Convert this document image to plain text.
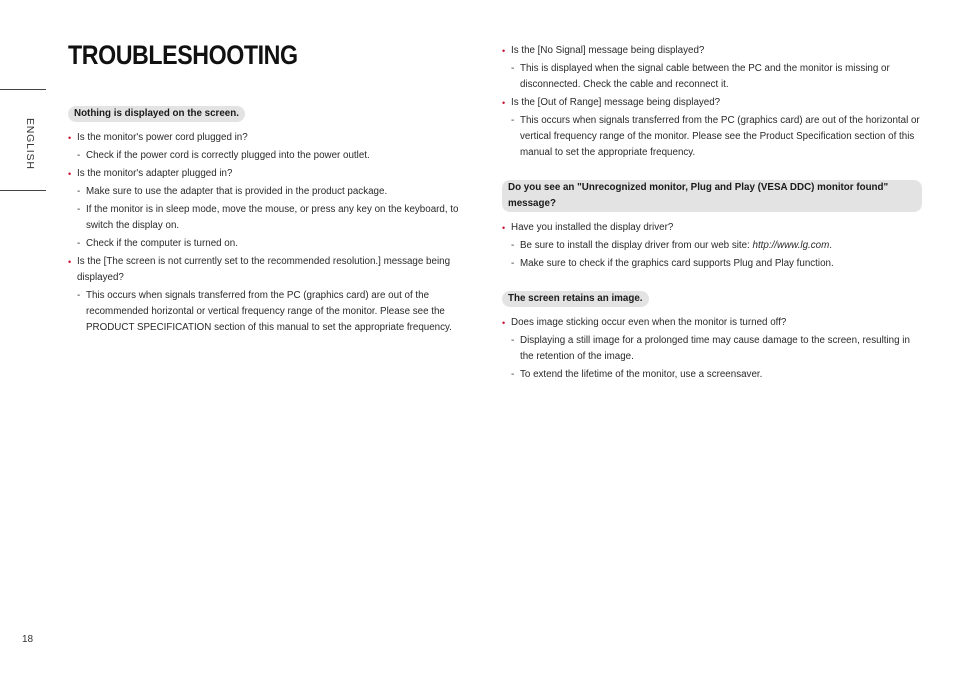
TROUBLESHOOTING
ENGLISH
18
Nothing is displayed on the screen.
• Is the monitor's power cord plugged in?
- Check if the power cord is correctly plugged into the power outlet.
• Is the monitor's adapter plugged in?
- Make sure to use the adapter that is provided in the product package.
- If the monitor is in sleep mode, move the mouse, or press any key on the keyboard, to switch the display on.
- Check if the computer is turned on.
• Is the [The screen is not currently set to the recommended resolution.] message being displayed?
- This occurs when signals transferred from the PC (graphics card) are out of the recommended horizontal or vertical frequency range of the monitor. Please see the PRODUCT SPECIFICATION section of this manual to set the appropriate frequency.
• Is the [No Signal] message being displayed?
- This is displayed when the signal cable between the PC and the monitor is missing or disconnected. Check the cable and reconnect it.
• Is the [Out of Range] message being displayed?
- This occurs when signals transferred from the PC (graphics card) are out of the horizontal or vertical frequency range of the monitor. Please see the Product Specification section of this manual to set the appropriate frequency.
Do you see an "Unrecognized monitor, Plug and Play (VESA DDC) monitor found" message?
• Have you installed the display driver?
- Be sure to install the display driver from our web site: http://www.lg.com.
- Make sure to check if the graphics card supports Plug and Play function.
The screen retains an image.
• Does image sticking occur even when the monitor is turned off?
- Displaying a still image for a prolonged time may cause damage to the screen, resulting in the retention of the image.
- To extend the lifetime of the monitor, use a screensaver.
